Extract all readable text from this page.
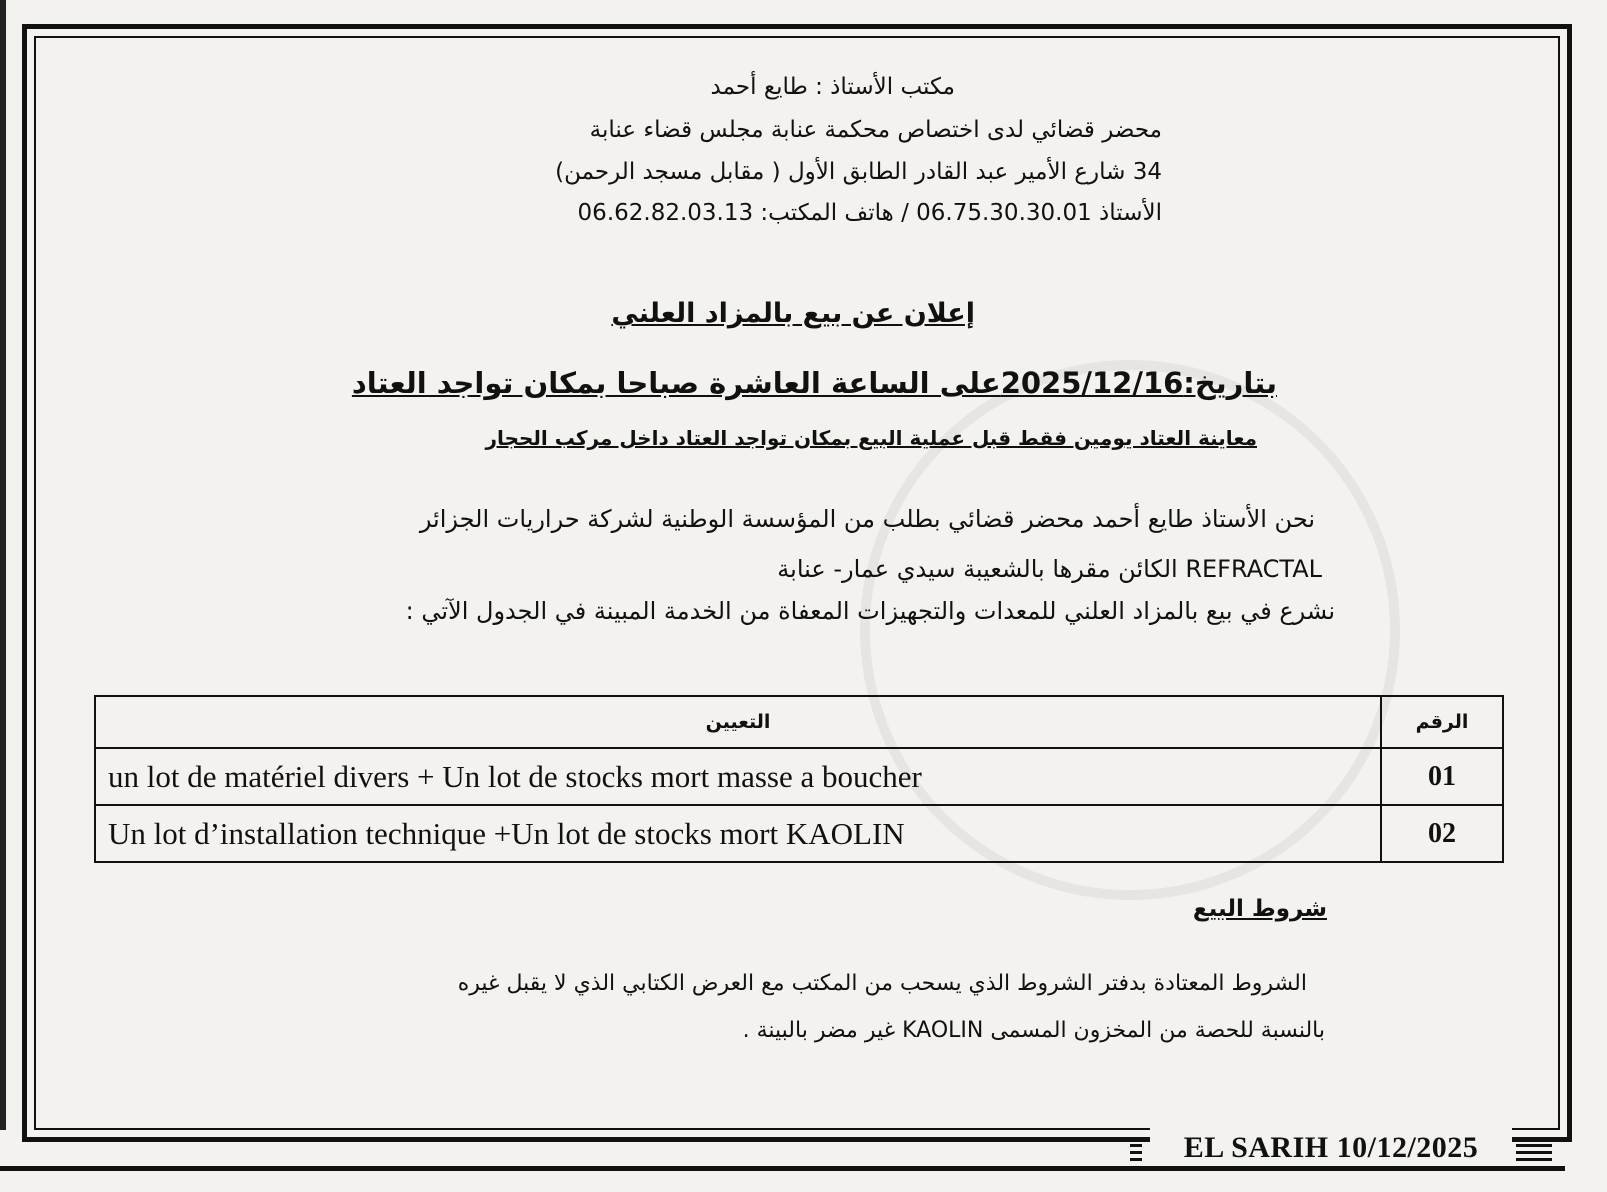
مكتب الأستاذ : طايع أحمد
محضر قضائي لدى اختصاص محكمة عنابة مجلس قضاء عنابة
34 شارع الأمير عبد القادر الطابق الأول ( مقابل مسجد الرحمن)
الأستاذ 06.75.30.30.01 / هاتف المكتب: 06.62.82.03.13
إعلان عن بيع بالمزاد العلني
بتاريخ:2025/12/16على الساعة العاشرة صباحا بمكان تواجد العتاد
معاينة العتاد يومين فقط قبل عملية البيع بمكان تواجد العتاد داخل مركب الحجار
نحن الأستاذ طايع أحمد محضر قضائي بطلب من المؤسسة الوطنية لشركة حراريات الجزائر
REFRACTAL الكائن مقرها بالشعيبة سيدي عمار- عنابة
نشرع في بيع بالمزاد العلني للمعدات والتجهيزات المعفاة من الخدمة المبينة في الجدول الآتي :
الرقم	التعيين
01	un lot de matériel divers + Un lot de stocks mort masse a boucher
02	Un lot d’installation technique +Un lot de stocks mort KAOLIN
شروط البيع
الشروط المعتادة بدفتر الشروط الذي يسحب من المكتب مع العرض الكتابي الذي لا يقبل غيره
بالنسبة للحصة من المخزون المسمى KAOLIN غير مضر بالبينة .
EL SARIH 10/12/2025
